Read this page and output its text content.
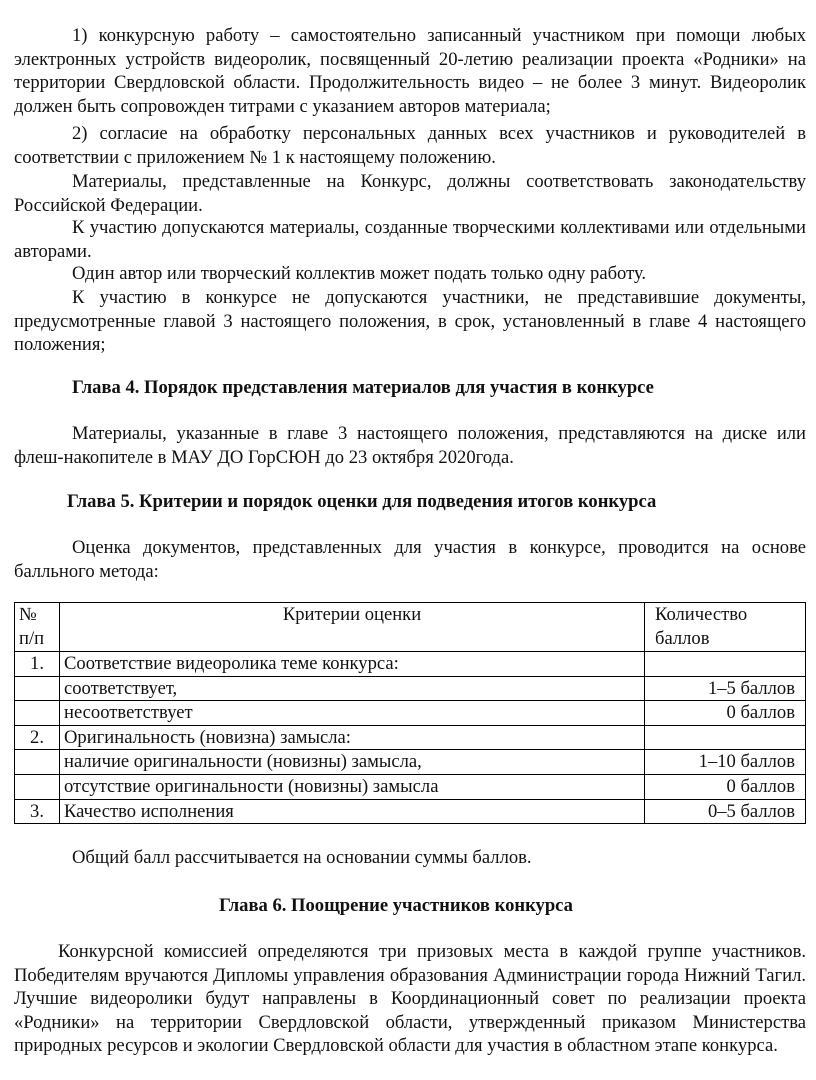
1) конкурсную работу – самостоятельно записанный участником при помощи любых электронных устройств видеоролик, посвященный 20-летию реализации проекта «Родники» на территории Свердловской области. Продолжительность видео – не более 3 минут. Видеоролик должен быть сопровожден титрами с указанием авторов материала;

2) согласие на обработку персональных данных всех участников и руководителей в соответствии с приложением № 1 к настоящему положению.

Материалы, представленные на Конкурс, должны соответствовать законодательству Российской Федерации.

К участию допускаются материалы, созданные творческими коллективами или отдельными авторами.

Один автор или творческий коллектив может подать только одну работу.

К участию в конкурсе не допускаются участники, не представившие документы, предусмотренные главой 3 настоящего положения, в срок, установленный в главе 4 настоящего положения;

Глава 4. Порядок представления материалов для участия в конкурсе

Материалы, указанные в главе 3 настоящего положения, представляются на диске или флеш-накопителе в МАУ ДО ГорСЮН до 23 октября 2020года.

Глава 5. Критерии и порядок оценки для подведения итогов конкурса

Оценка документов, представленных для участия в конкурсе, проводится на основе балльного метода:

№ п/п	Критерии оценки	Количество баллов
1.	Соответствие видеоролика теме конкурса:	
	соответствует,	1–5 баллов
	несоответствует	0 баллов
2.	Оригинальность (новизна) замысла:	
	наличие оригинальности (новизны) замысла,	1–10 баллов
	отсутствие оригинальности (новизны) замысла	0 баллов
3.	Качество исполнения	0–5 баллов

Общий балл рассчитывается на основании суммы баллов.

Глава 6. Поощрение участников конкурса

Конкурсной комиссией определяются три призовых места в каждой группе участников. Победителям вручаются Дипломы управления образования Администрации города Нижний Тагил. Лучшие видеоролики будут направлены в Координационный совет по реализации проекта «Родники» на территории Свердловской области, утвержденный приказом Министерства природных ресурсов и экологии Свердловской области для участия в областном этапе конкурса.
